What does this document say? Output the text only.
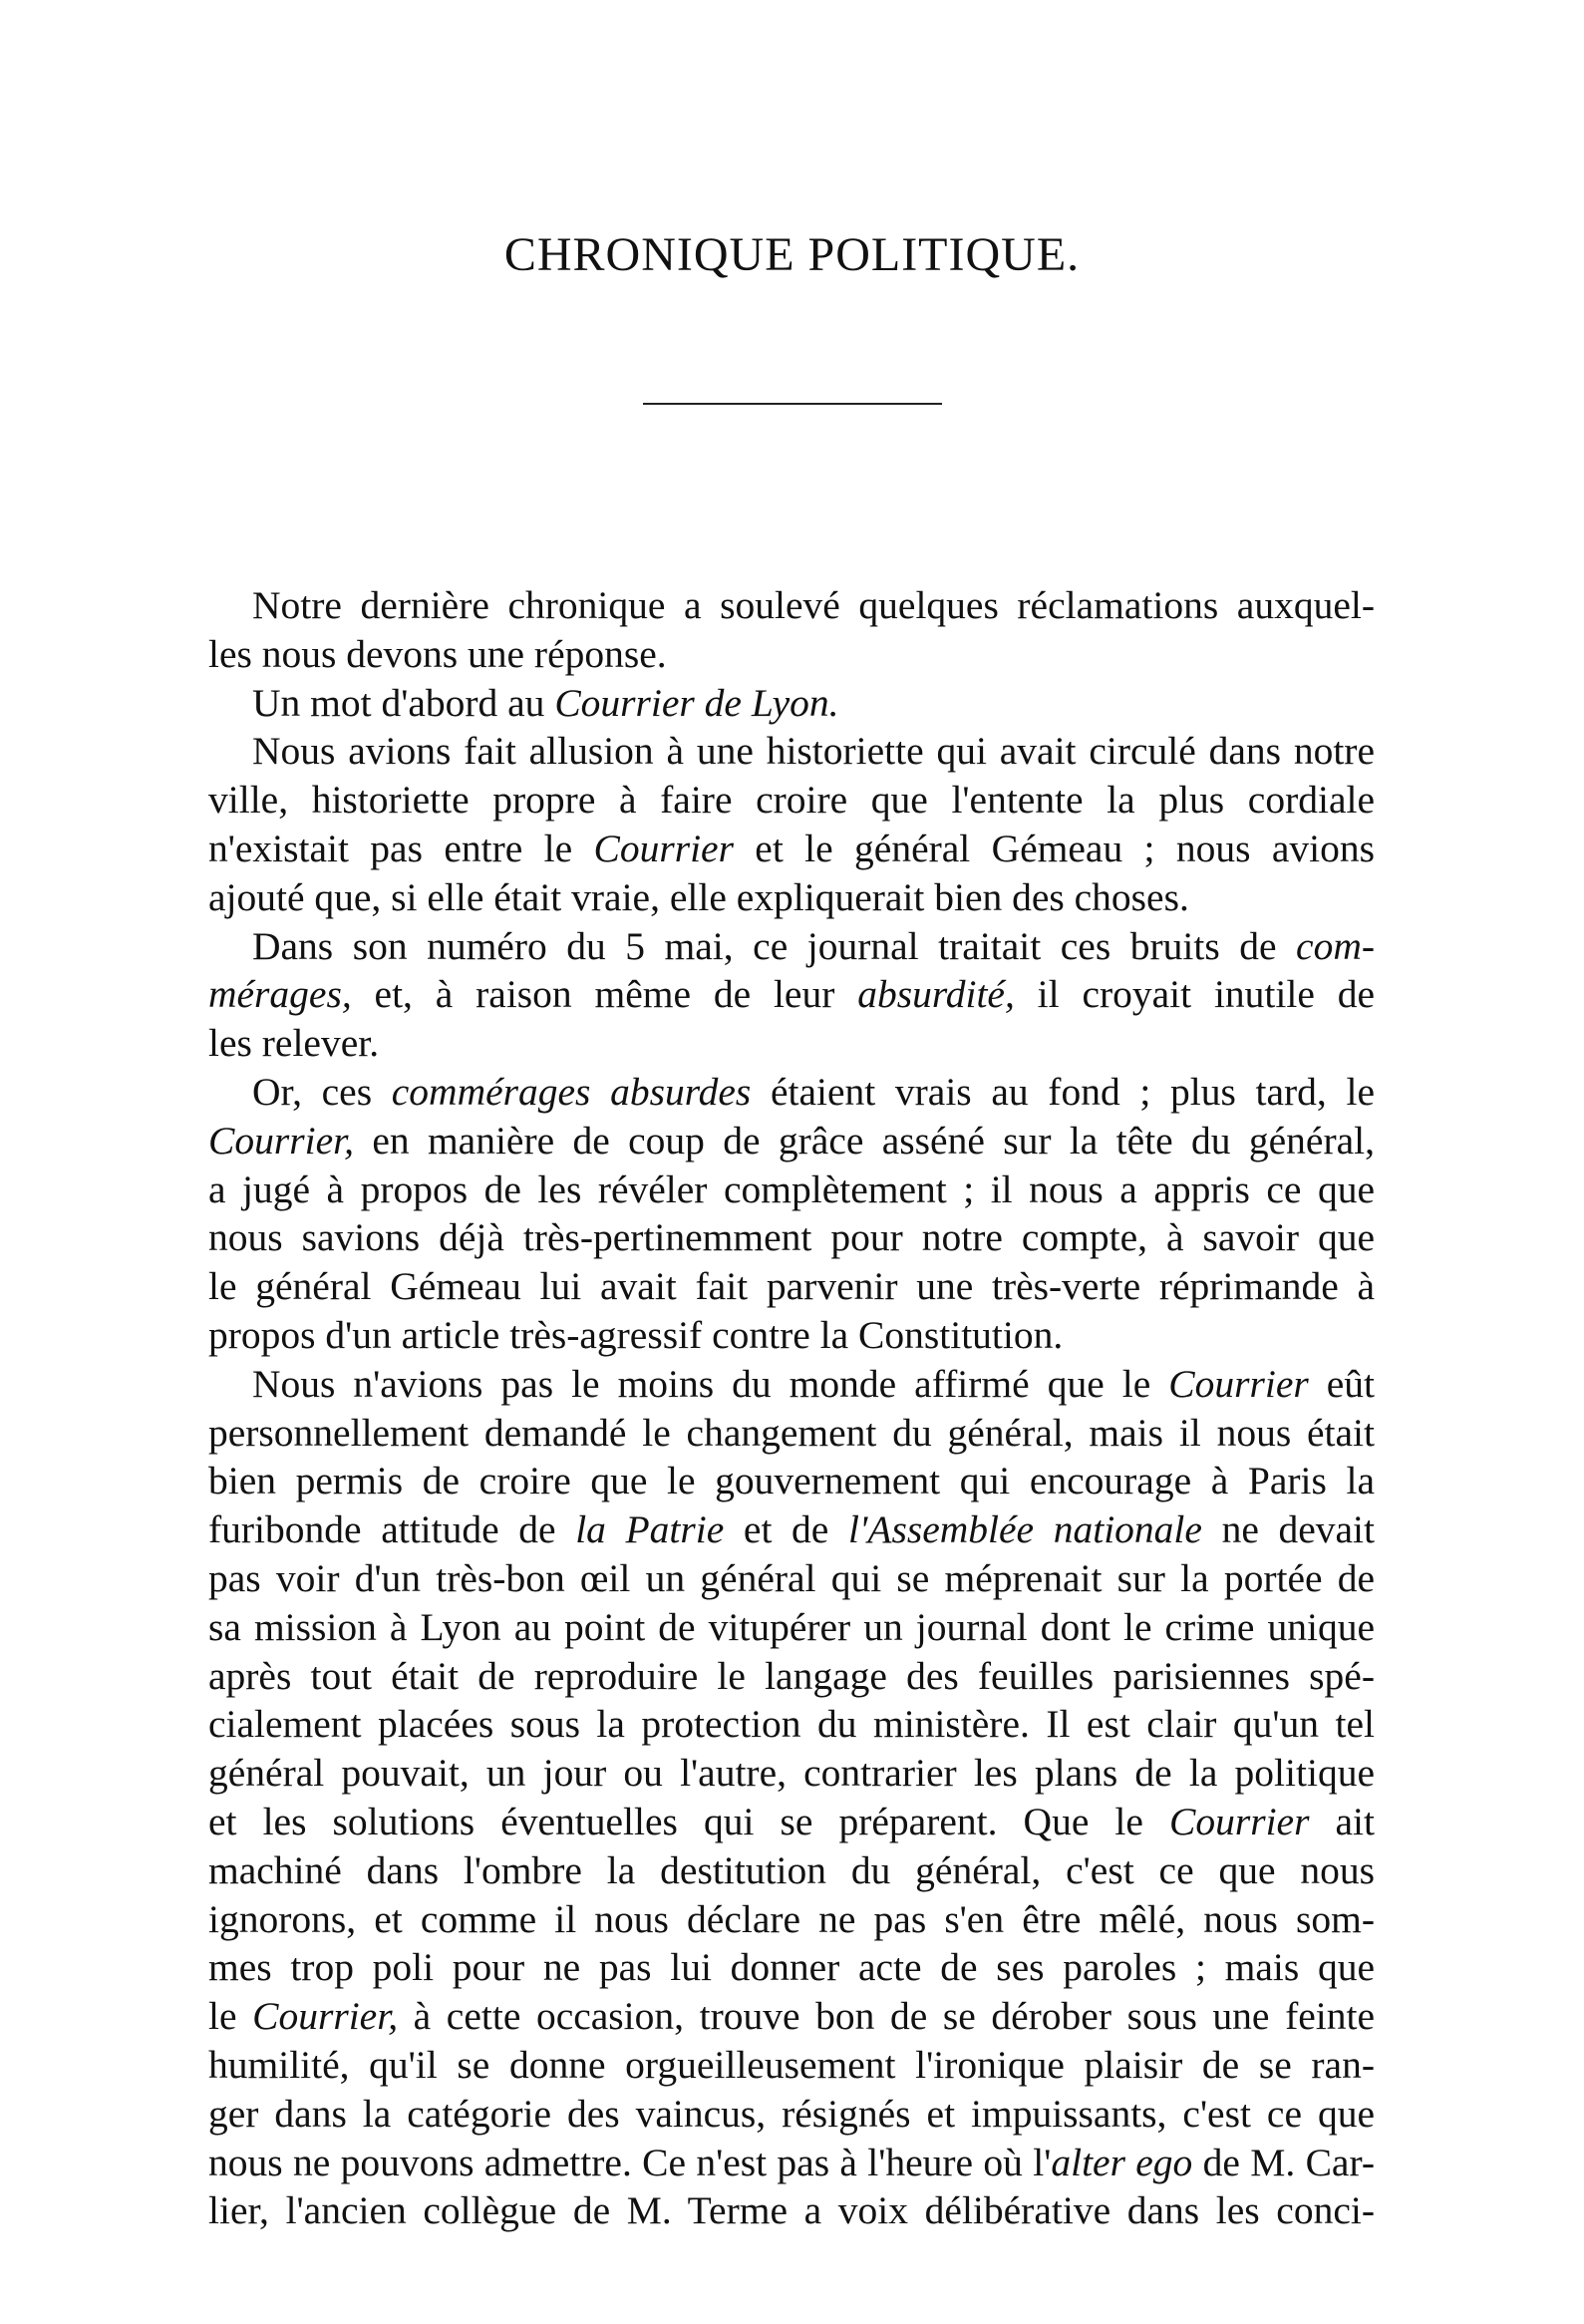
CHRONIQUE POLITIQUE.
Notre dernière chronique a soulevé quelques réclamations auxquel-
les nous devons une réponse.
Un mot d'abord au Courrier de Lyon.
Nous avions fait allusion à une historiette qui avait circulé dans notre
ville, historiette propre à faire croire que l'entente la plus cordiale
n'existait pas entre le Courrier et le général Gémeau ; nous avions
ajouté que, si elle était vraie, elle expliquerait bien des choses.
Dans son numéro du 5 mai, ce journal traitait ces bruits de com-
mérages, et, à raison même de leur absurdité, il croyait inutile de
les relever.
Or, ces commérages absurdes étaient vrais au fond ; plus tard, le
Courrier, en manière de coup de grâce asséné sur la tête du général,
a jugé à propos de les révéler complètement ; il nous a appris ce que
nous savions déjà très-pertinemment pour notre compte, à savoir que
le général Gémeau lui avait fait parvenir une très-verte réprimande à
propos d'un article très-agressif contre la Constitution.
Nous n'avions pas le moins du monde affirmé que le Courrier eût
personnellement demandé le changement du général, mais il nous était
bien permis de croire que le gouvernement qui encourage à Paris la
furibonde attitude de la Patrie et de l'Assemblée nationale ne devait
pas voir d'un très-bon œil un général qui se méprenait sur la portée de
sa mission à Lyon au point de vitupérer un journal dont le crime unique
après tout était de reproduire le langage des feuilles parisiennes spé-
cialement placées sous la protection du ministère. Il est clair qu'un tel
général pouvait, un jour ou l'autre, contrarier les plans de la politique
et les solutions éventuelles qui se préparent. Que le Courrier ait
machiné dans l'ombre la destitution du général, c'est ce que nous
ignorons, et comme il nous déclare ne pas s'en être mêlé, nous som-
mes trop poli pour ne pas lui donner acte de ses paroles ; mais que
le Courrier, à cette occasion, trouve bon de se dérober sous une feinte
humilité, qu'il se donne orgueilleusement l'ironique plaisir de se ran-
ger dans la catégorie des vaincus, résignés et impuissants, c'est ce que
nous ne pouvons admettre. Ce n'est pas à l'heure où l'alter ego de M. Car-
lier, l'ancien collègue de M. Terme a voix délibérative dans les conci-
